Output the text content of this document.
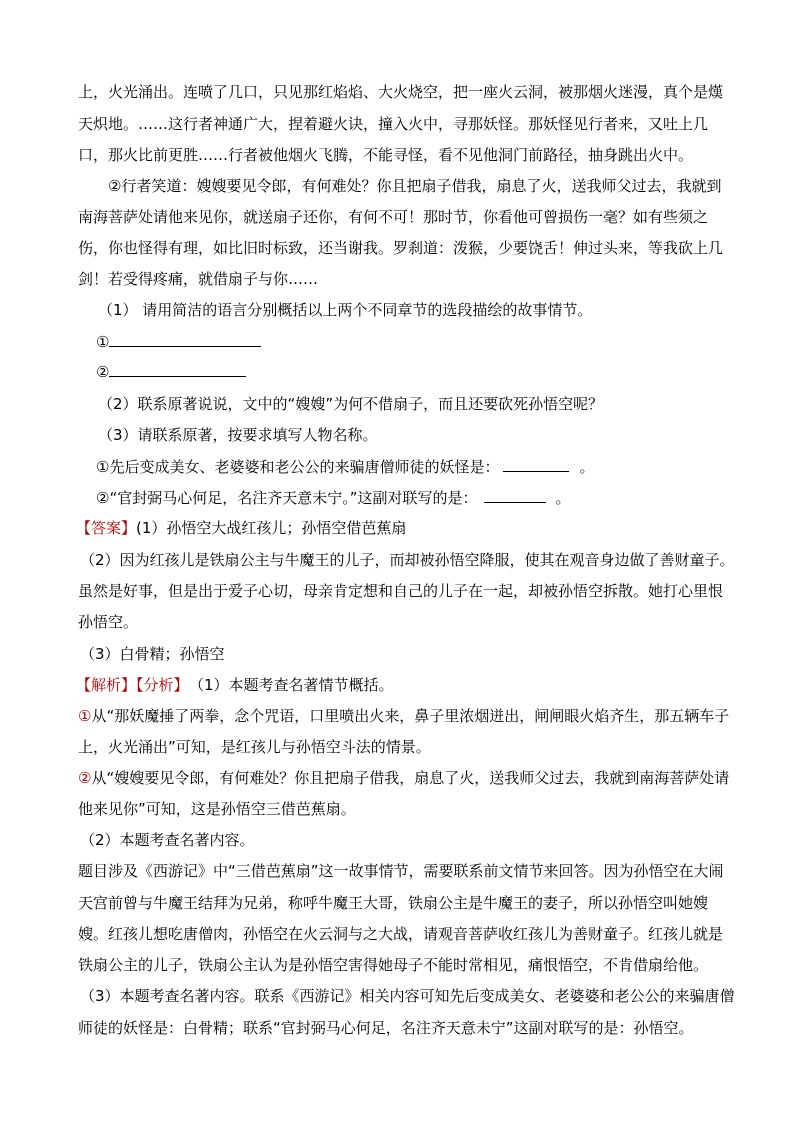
上，火光涌出。连喷了几口，只见那红焰焰、大火烧空，把一座火云洞，被那烟火迷漫，真个是熯
天炽地。……这行者神通广大，捏着避火诀，撞入火中，寻那妖怪。那妖怪见行者来，又吐上几
口，那火比前更胜……行者被他烟火飞腾，不能寻怪，看不见他洞门前路径，抽身跳出火中。
②行者笑道：嫂嫂要见令郎，有何难处？你且把扇子借我，扇息了火，送我师父过去，我就到
南海菩萨处请他来见你，就送扇子还你，有何不可！那时节，你看他可曾损伤一毫？如有些须之
伤，你也怪得有理，如比旧时标致，还当谢我。罗刹道：泼猴，少要饶舌！伸过头来，等我砍上几
剑！若受得疼痛，就借扇子与你……
（1） 请用简洁的语言分别概括以上两个不同章节的选段描绘的故事情节。
①
②
（2）联系原著说说，文中的“嫂嫂”为何不借扇子，而且还要砍死孙悟空呢？
（3）请联系原著，按要求填写人物名称。
①先后变成美女、老婆婆和老公公的来骗唐僧师徒的妖怪是：	。
②“官封弼马心何足，名注齐天意未宁。”这副对联写的是：	。
【答案】(1）孙悟空大战红孩儿；孙悟空借芭蕉扇
（2）因为红孩儿是铁扇公主与牛魔王的儿子，而却被孙悟空降服，使其在观音身边做了善财童子。
虽然是好事，但是出于爱子心切，母亲肯定想和自己的儿子在一起，却被孙悟空拆散。她打心里恨
孙悟空。
（3）白骨精；孙悟空
【解析】【分析】 （1）本题考查名著情节概括。
①从“那妖魔捶了两拳，念个咒语，口里喷出火来，鼻子里浓烟迸出，闸闸眼火焰齐生，那五辆车子
上，火光涌出”可知，是红孩儿与孙悟空斗法的情景。
②从“嫂嫂要见令郎，有何难处？你且把扇子借我，扇息了火，送我师父过去，我就到南海菩萨处请
他来见你”可知，这是孙悟空三借芭蕉扇。
（2）本题考查名著内容。
题目涉及《西游记》中“三借芭蕉扇”这一故事情节，需要联系前文情节来回答。因为孙悟空在大闹
天宫前曾与牛魔王结拜为兄弟，称呼牛魔王大哥，铁扇公主是牛魔王的妻子，所以孙悟空叫她嫂
嫂。红孩儿想吃唐僧肉，孙悟空在火云洞与之大战，请观音菩萨收红孩儿为善财童子。红孩儿就是
铁扇公主的儿子，铁扇公主认为是孙悟空害得她母子不能时常相见，痛恨悟空，不肯借扇给他。
（3）本题考查名著内容。联系《西游记》相关内容可知先后变成美女、老婆婆和老公公的来骗唐僧
师徒的妖怪是：白骨精；联系“官封弼马心何足，名注齐天意未宁”这副对联写的是：孙悟空。
